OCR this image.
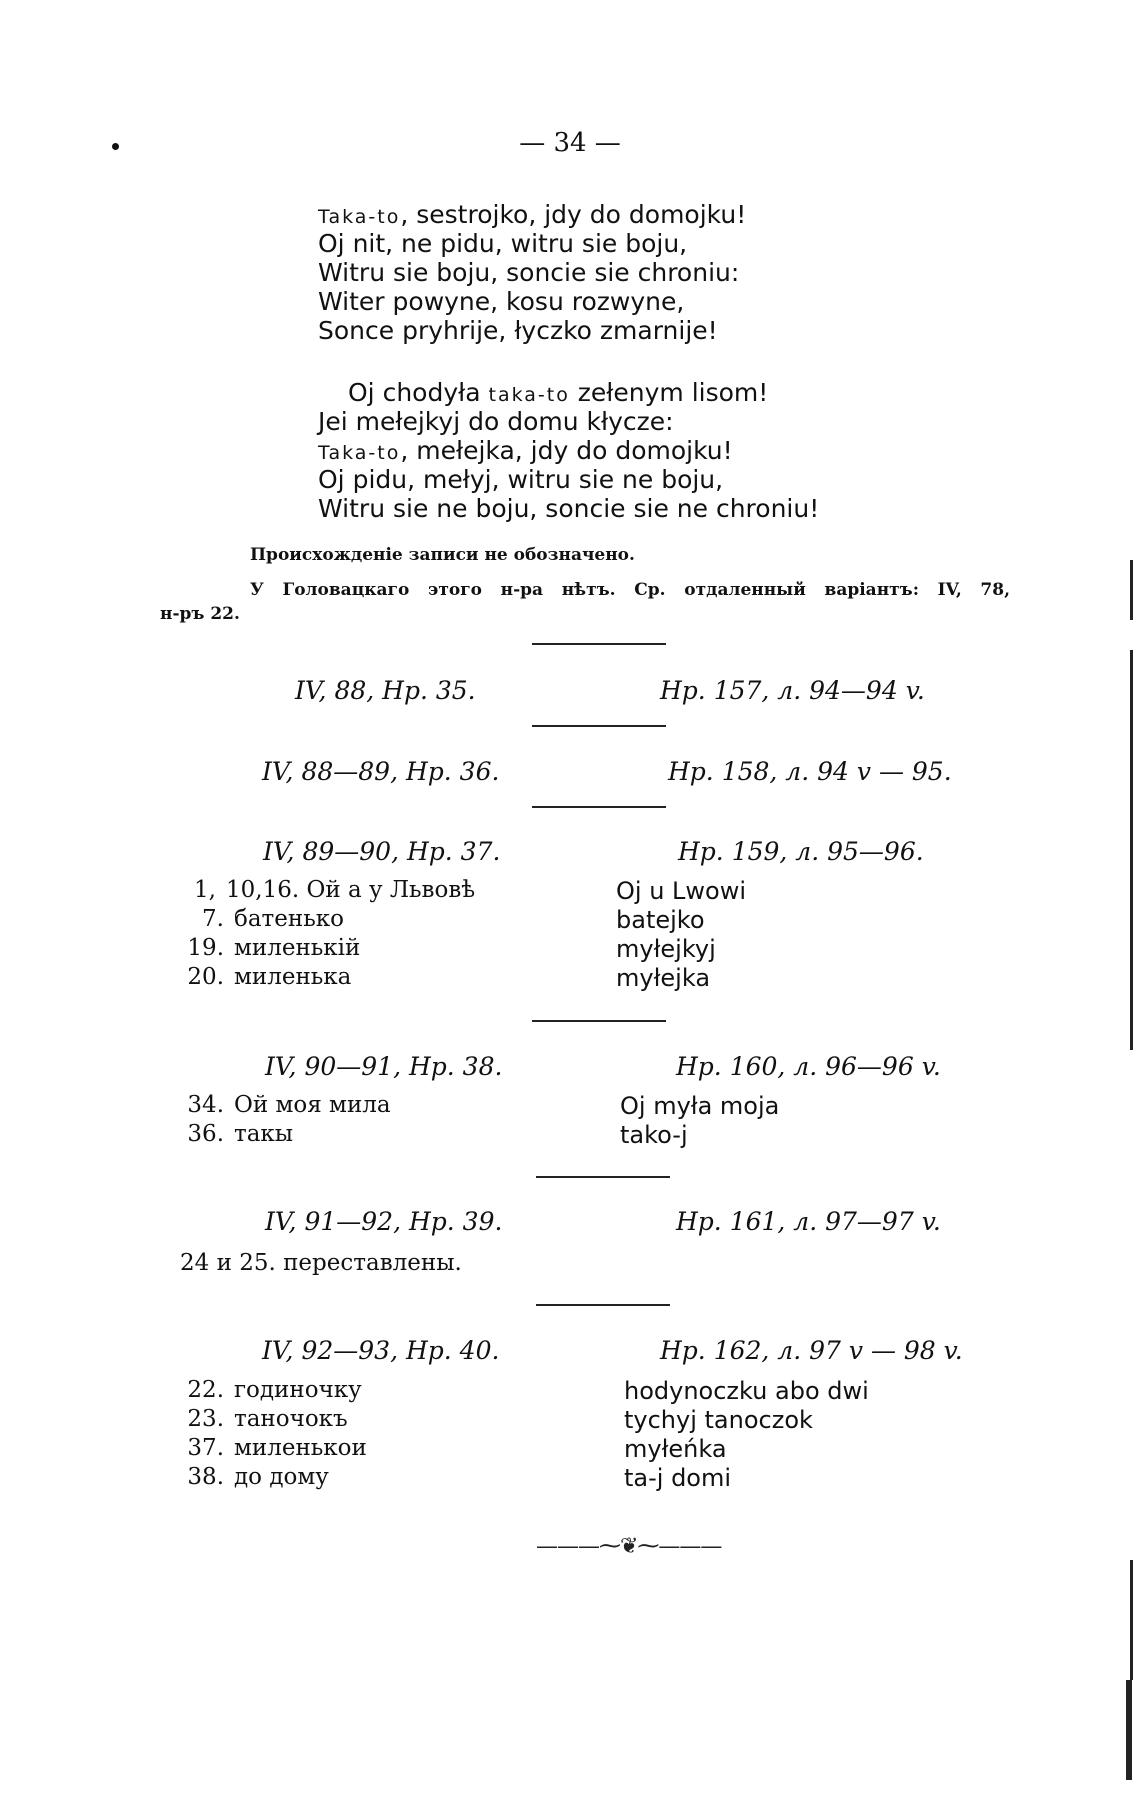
— 34 —
Taka-to, sestrojko, jdy do domojku!
Oj nit, ne pidu, witru sie boju,
Witru sie boju, soncie sie chroniu:
Witer powyne, kosu rozwyne,
Sonce pryhrije, łyczko zmarnije!
Oj chodyła taka-to zełenym lisom!
Jei mełejkyj do domu kłycze:
Taka-to, mełejka, jdy do domojku!
Oj pidu, mełyj, witru sie ne boju,
Witru sie ne boju, soncie sie ne chroniu!
Происхожденіе записи не обозначено.
У Головацкаго этого н-ра нѣтъ. Ср. отдаленный варіантъ: IV, 78,
н-ръ 22.
IV, 88, Нр. 35.	Нр. 157, л. 94—94 v.
IV, 88—89, Нр. 36.	Нр. 158, л. 94 v — 95.
IV, 89—90, Нр. 37.	Нр. 159, л. 95—96.
1, 10,16. Ой а у Львовѣ	Oj u Lwowi
7. батенько	batejko
19. миленькій	myłejkyj
20. миленька	myłejka
IV, 90—91, Нр. 38.	Нр. 160, л. 96—96 v.
34. Ой моя мила	Oj myła moja
36. такы	tako-j
IV, 91—92, Нр. 39.	Нр. 161, л. 97—97 v.
24 и 25. переставлены.
IV, 92—93, Нр. 40.	Нр. 162, л. 97 v — 98 v.
22. годиночку	hodynoczku abo dwi
23. таночокъ	tychyj tanoczok
37. миленькои	myłeńka
38. до дому	ta-j domi
———⁓❦⁓———
